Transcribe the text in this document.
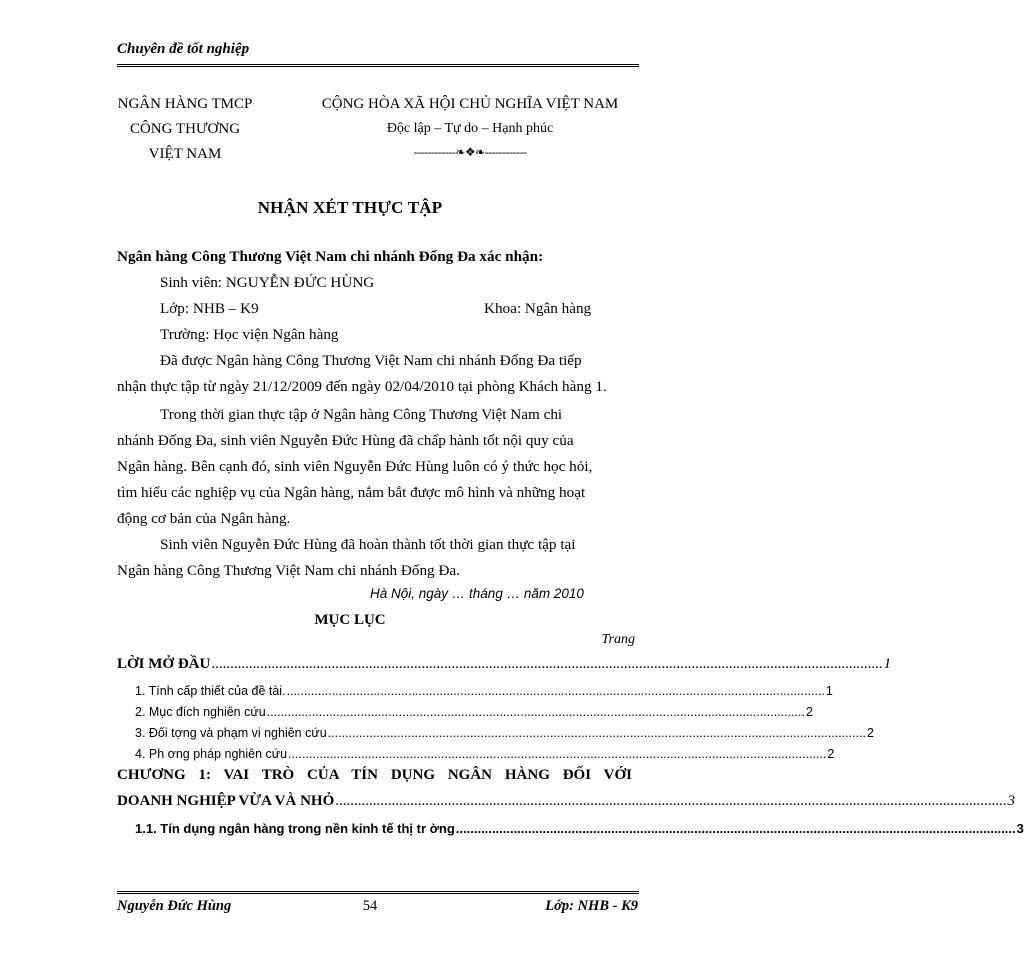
Chuyên đề tốt nghiệp
NGÂN HÀNG TMCP
CÔNG THƯƠNG
VIỆT NAM
CỘNG HÒA XÃ HỘI CHỦ NGHĨA VIỆT NAM
Độc lập – Tự do – Hạnh phúc
------------❧❖❧------------
NHẬN XÉT THỰC TẬP
Ngân hàng Công Thương Việt Nam chi nhánh Đống Đa xác nhận:
Sinh viên: NGUYỄN ĐỨC HÙNG
Lớp: NHB – K9	Khoa: Ngân hàng
Trường: Học viện Ngân hàng
Đã được Ngân hàng Công Thương Việt Nam chi nhánh Đống Đa tiếp
nhận thực tập từ ngày 21/12/2009 đến ngày 02/04/2010 tại phòng Khách hàng 1.
Trong thời gian thực tập ở Ngân hàng Công Thương Việt Nam chi
nhánh Đống Đa, sinh viên Nguyễn Đức Hùng đã chấp hành tốt nội quy của
Ngân hàng. Bên cạnh đó, sinh viên Nguyễn Đức Hùng luôn có ý thức học hỏi,
tìm hiểu các nghiệp vụ của Ngân hàng, nắm bắt được mô hình và những hoạt
động cơ bản của Ngân hàng.
Sinh viên Nguyễn Đức Hùng đã hoàn thành tốt thời gian thực tập tại
Ngân hàng Công Thương Việt Nam chi nhánh Đống Đa.
Hà Nội, ngày … tháng … năm 2010
MỤC LỤC
Trang
LỜI MỞ ĐẦU ................................................................................................................................................................................... 1
1. Tính cấp thiết của đề tài. ........................................................................................................................................................... 1
2. Mục đích nghiên cứu ........................................................................................................................................................... 2
3. Đối tợng và phạm vi nghiên cứu ........................................................................................................................................................... 2
4. Ph ơng pháp nghiên cứu ........................................................................................................................................................... 2
CHƯƠNG 1: VAI TRÒ CỦA TÍN DỤNG NGÂN HÀNG ĐỐI VỚI
DOANH NGHIỆP VỪA VÀ NHỎ ................................................................................................................................................................................... 3
1.1. Tín dụng ngân hàng trong nền kinh tế thị tr ờng ........................................................................................................................................................... 3
Nguyễn Đức Hùng	54	Lớp: NHB - K9
